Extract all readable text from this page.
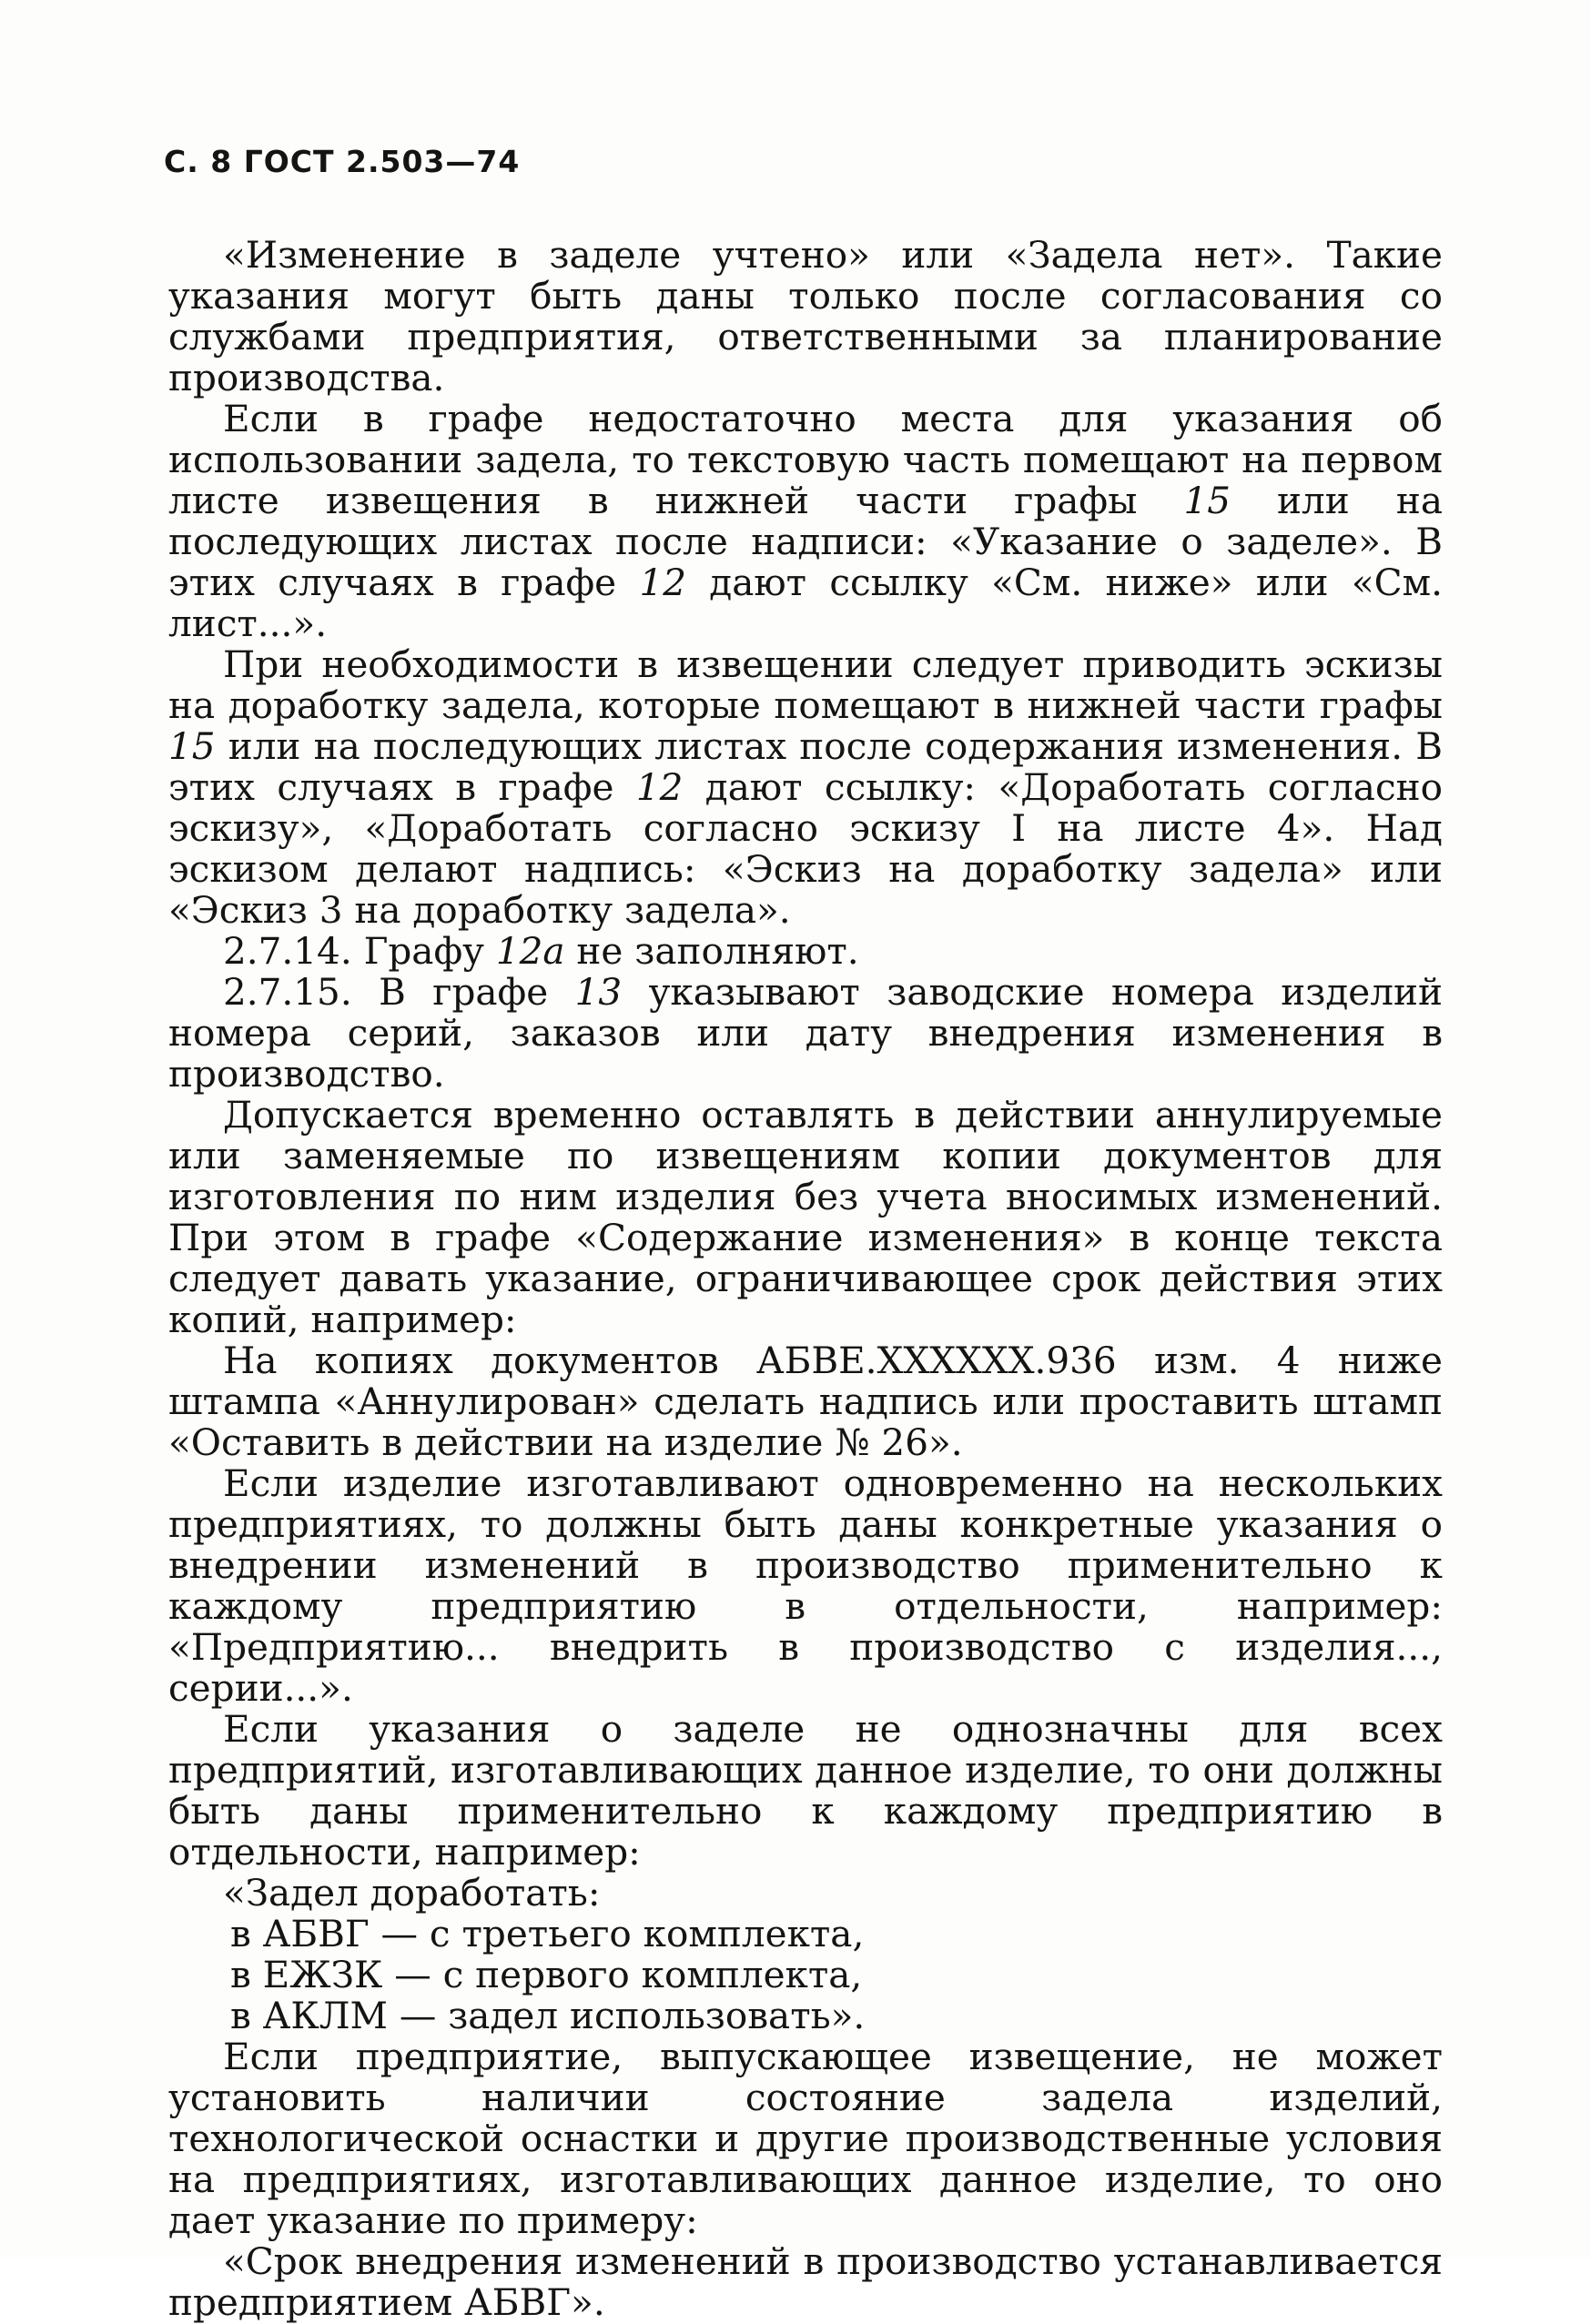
С. 8 ГОСТ 2.503—74

«Изменение в заделе учтено» или «Задела нет». Такие указания могут быть даны только после согласования со службами предприятия, ответственными за планирование производства.

Если в графе недостаточно места для указания об использовании задела, то текстовую часть помещают на первом листе извещения в нижней части графы 15 или на последующих листах после надписи: «Указание о заделе». В этих случаях в графе 12 дают ссылку «См. ниже» или «См. лист...».

При необходимости в извещении следует приводить эскизы на доработку задела, которые помещают в нижней части графы 15 или на последующих листах после содержания изменения. В этих случаях в графе 12 дают ссылку: «Доработать согласно эскизу», «Доработать согласно эскизу I на листе 4». Над эскизом делают надпись: «Эскиз на доработку задела» или «Эскиз 3 на доработку задела».

2.7.14. Графу 12а не заполняют.

2.7.15. В графе 13 указывают заводские номера изделий номера серий, заказов или дату внедрения изменения в производство.

Допускается временно оставлять в действии аннулируемые или заменяемые по извещениям копии документов для изготовления по ним изделия без учета вносимых изменений. При этом в графе «Содержание изменения» в конце текста следует давать указание, ограничивающее срок действия этих копий, например:

На копиях документов АБВЕ.XXXXXX.936 изм. 4 ниже штампа «Аннулирован» сделать надпись или проставить штамп «Оставить в действии на изделие № 26».

Если изделие изготавливают одновременно на нескольких предприятиях, то должны быть даны конкретные указания о внедрении изменений в производство применительно к каждому предприятию в отдельности, например: «Предприятию... внедрить в производство с изделия..., серии...».

Если указания о заделе не однозначны для всех предприятий, изготавливающих данное изделие, то они должны быть даны применительно к каждому предприятию в отдельности, например:

«Задел доработать:

в АБВГ — с третьего комплекта,

в ЕЖЗК — с первого комплекта,

в АКЛМ — задел использовать».

Если предприятие, выпускающее извещение, не может установить наличии состояние задела изделий, технологической оснастки и другие производственные условия на предприятиях, изготавливающих данное изделие, то оно дает указание по примеру:

«Срок внедрения изменений в производство устанавливается предприятием АБВГ».
